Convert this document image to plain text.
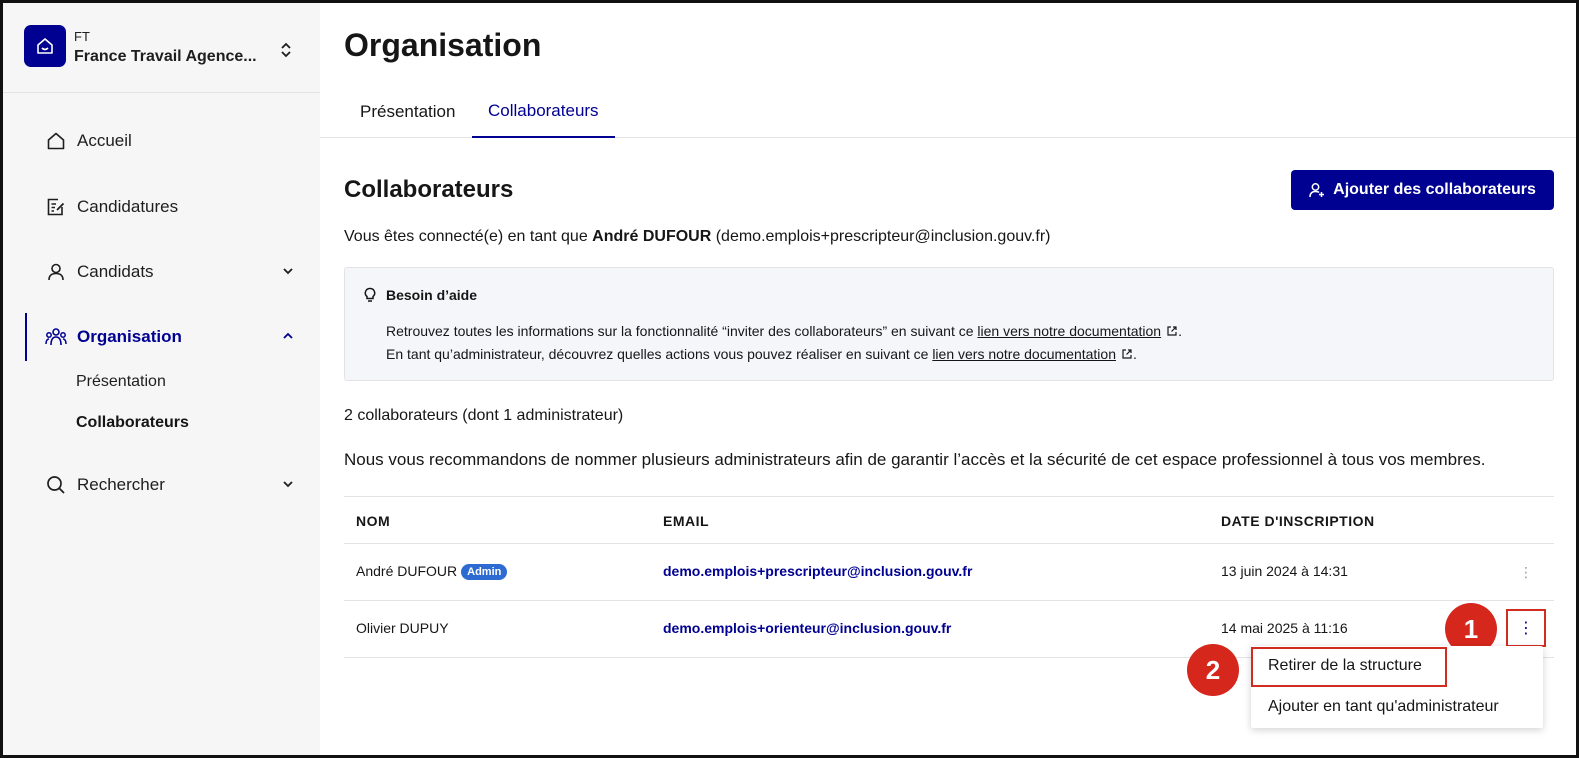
FT
France Travail Agence...
Accueil
Candidatures
Candidats
Organisation
Présentation
Collaborateurs
Rechercher
Organisation
Présentation	Collaborateurs
Collaborateurs	Ajouter des collaborateurs
Vous êtes connecté(e) en tant que André DUFOUR (demo.emplois+prescripteur@inclusion.gouv.fr)
Besoin d’aide
Retrouvez toutes les informations sur la fonctionnalité “inviter des collaborateurs” en suivant ce lien vers notre documentation .
En tant qu’administrateur, découvrez quelles actions vous pouvez réaliser en suivant ce lien vers notre documentation .
2 collaborateurs (dont 1 administrateur)
Nous vous recommandons de nommer plusieurs administrateurs afin de garantir l’accès et la sécurité de cet espace professionnel à tous vos membres.
NOM	EMAIL	DATE D'INSCRIPTION
André DUFOUR Admin	demo.emplois+prescripteur@inclusion.gouv.fr	13 juin 2024 à 14:31	⋮
Olivier DUPUY	demo.emplois+orienteur@inclusion.gouv.fr	14 mai 2025 à 11:16	⋮
1
2	Retirer de la structure
Ajouter en tant qu'administrateur
